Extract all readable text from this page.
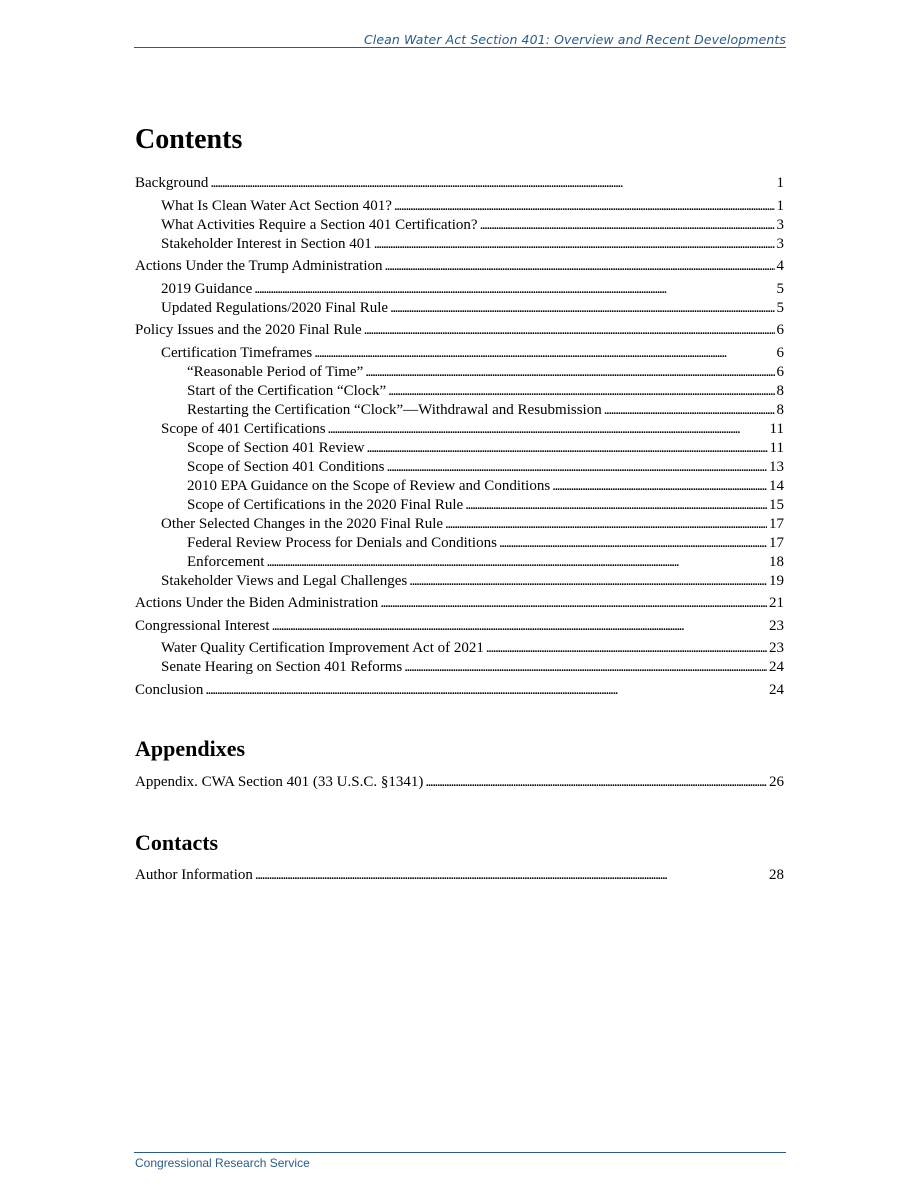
Clean Water Act Section 401: Overview and Recent Developments
Contents
Background . . .	1
What Is Clean Water Act Section 401? . . .	1
What Activities Require a Section 401 Certification? . . .	3
Stakeholder Interest in Section 401 . . .	3
Actions Under the Trump Administration . . .	4
2019 Guidance . . .	5
Updated Regulations/2020 Final Rule . . .	5
Policy Issues and the 2020 Final Rule . . .	6
Certification Timeframes . . .	6
“Reasonable Period of Time” . . .	6
Start of the Certification “Clock” . . .	8
Restarting the Certification “Clock”—Withdrawal and Resubmission . . .	8
Scope of 401 Certifications . . .	11
Scope of Section 401 Review . . .	11
Scope of Section 401 Conditions . . .	13
2010 EPA Guidance on the Scope of Review and Conditions . . .	14
Scope of Certifications in the 2020 Final Rule . . .	15
Other Selected Changes in the 2020 Final Rule . . .	17
Federal Review Process for Denials and Conditions . . .	17
Enforcement . . .	18
Stakeholder Views and Legal Challenges . . .	19
Actions Under the Biden Administration . . .	21
Congressional Interest . . .	23
Water Quality Certification Improvement Act of 2021 . . .	23
Senate Hearing on Section 401 Reforms . . .	24
Conclusion . . .	24
Appendixes
Appendix. CWA Section 401 (33 U.S.C. §1341) . . .	26
Contacts
Author Information . . .	28
Congressional Research Service
